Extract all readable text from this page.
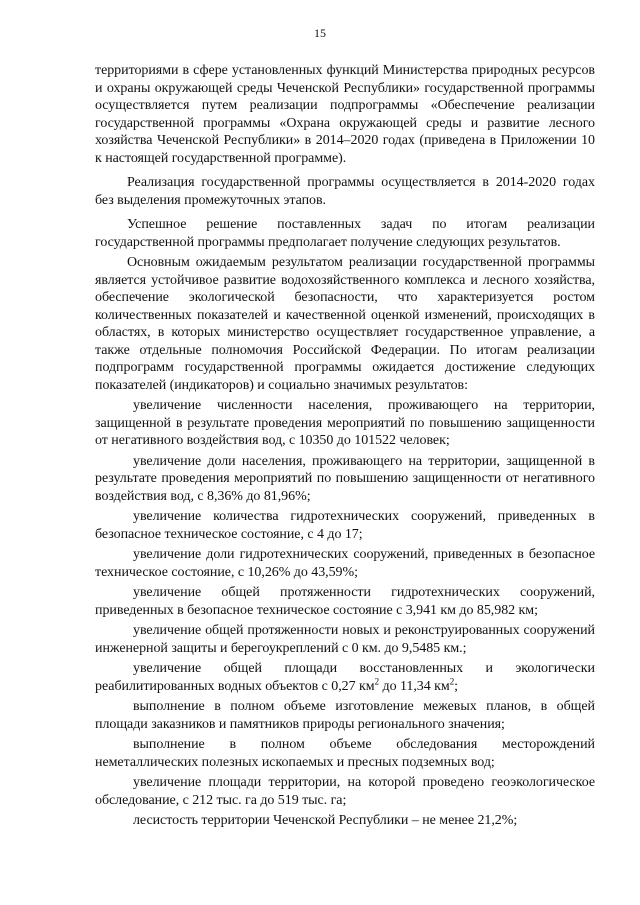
15

территориями в сфере установленных функций Министерства природных ресурсов и охраны окружающей среды Чеченской Республики» государственной программы осуществляется путем реализации подпрограммы «Обеспечение реализации государственной программы «Охрана окружающей среды и развитие лесного хозяйства Чеченской Республики» в 2014–2020 годах (приведена в Приложении 10 к настоящей государственной программе).

Реализация государственной программы осуществляется в 2014-2020 годах без выделения промежуточных этапов.

Успешное решение поставленных задач по итогам реализации государственной программы предполагает получение следующих результатов.

Основным ожидаемым результатом реализации государственной программы является устойчивое развитие водохозяйственного комплекса и лесного хозяйства, обеспечение экологической безопасности, что характеризуется ростом количественных показателей и качественной оценкой изменений, происходящих в областях, в которых министерство осуществляет государственное управление, а также отдельные полномочия Российской Федерации. По итогам реализации подпрограмм государственной программы ожидается достижение следующих показателей (индикаторов) и социально значимых результатов:

увеличение численности населения, проживающего на территории, защищенной в результате проведения мероприятий по повышению защищенности от негативного воздействия вод, с 10350 до 101522 человек;

увеличение доли населения, проживающего на территории, защищенной в результате проведения мероприятий по повышению защищенности от негативного воздействия вод, с 8,36% до 81,96%;

увеличение количества гидротехнических сооружений, приведенных в безопасное техническое состояние, с 4 до 17;

увеличение доли гидротехнических сооружений, приведенных в безопасное техническое состояние, с 10,26% до 43,59%;

увеличение общей протяженности гидротехнических сооружений, приведенных в безопасное техническое состояние с 3,941 км до 85,982 км;

увеличение общей протяженности новых и реконструированных сооружений инженерной защиты и берегоукреплений с 0 км. до 9,5485 км.;

увеличение общей площади восстановленных и экологически реабилитированных водных объектов с 0,27 $км^2$ до 11,34 $км^2$;

выполнение в полном объеме изготовление межевых планов, в общей площади заказников и памятников природы регионального значения;

выполнение в полном объеме обследования месторождений неметаллических полезных ископаемых и пресных подземных вод;

увеличение площади территории, на которой проведено геоэкологическое обследование, с 212 тыс. га до 519 тыс. га;

лесистость территории Чеченской Республики – не менее 21,2%;
